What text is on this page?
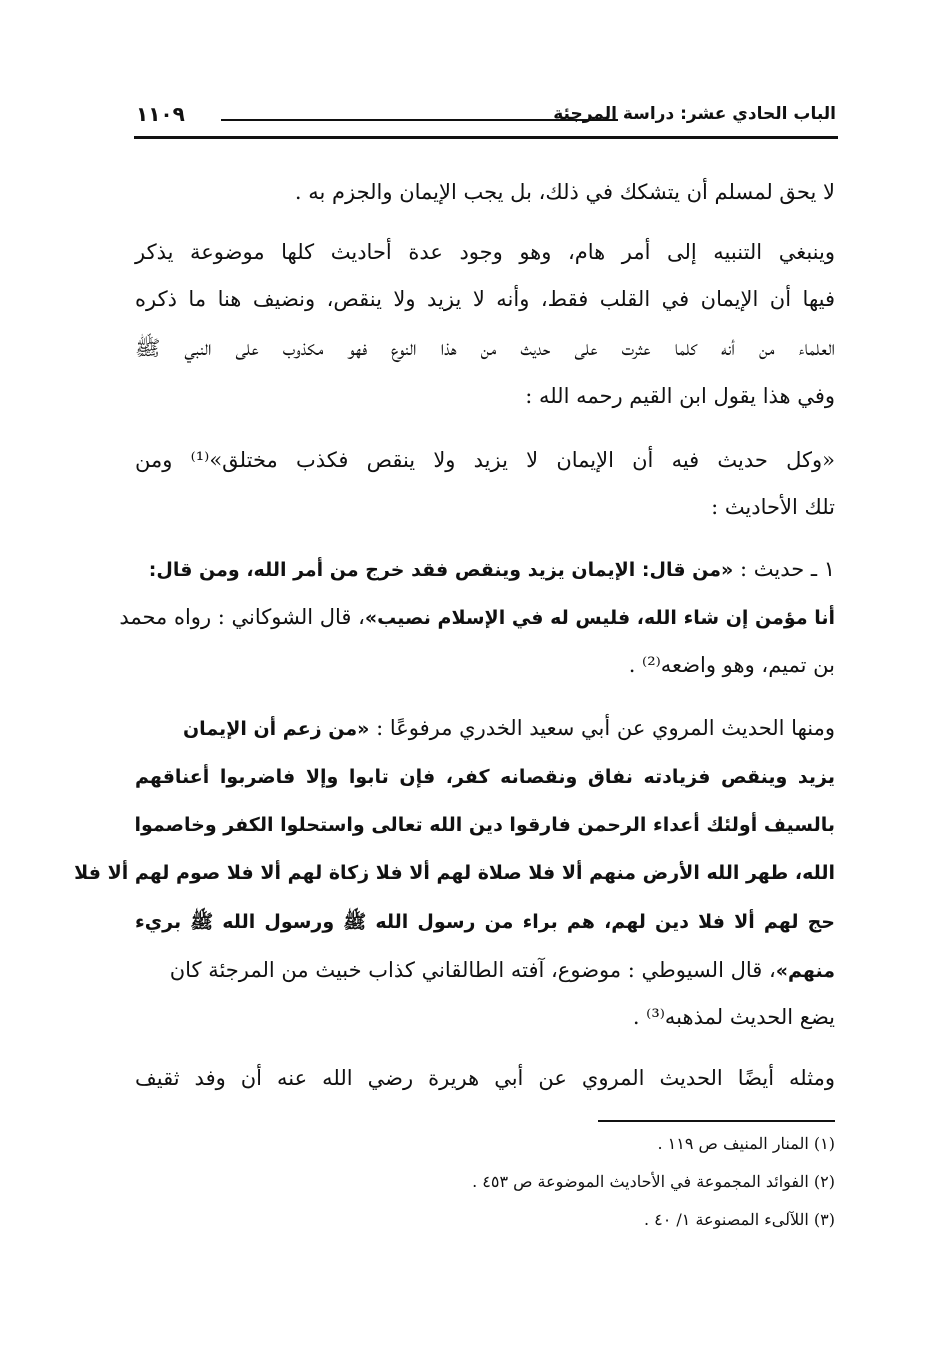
الباب الحادي عشر: دراسة المرجئة
١١٠٩
لا يحق لمسلم أن يتشكك في ذلك، بل يجب الإيمان والجزم به .
وينبغي التنبيه إلى أمر هام، وهو وجود عدة أحاديث كلها موضوعة يذكر
فيها أن الإيمان في القلب فقط، وأنه لا يزيد ولا ينقص، ونضيف هنا ما ذكره
العلماء من أنه كلما عثرت على حديث من هذا النوع فهو مكذوب على النبي ﷺ
وفي هذا يقول ابن القيم رحمه الله :
«وكل حديث فيه أن الإيمان لا يزيد ولا ينقص فكذب مختلق»⁽¹⁾ ومن
تلك الأحاديث :
١ ـ حديث : «من قال: الإيمان يزيد وينقص فقد خرج من أمر الله، ومن قال:
أنا مؤمن إن شاء الله، فليس له في الإسلام نصيب»، قال الشوكاني : رواه محمد
بن تميم، وهو واضعه⁽²⁾ .
ومنها الحديث المروي عن أبي سعيد الخدري مرفوعًا : «من زعم أن الإيمان
يزيد وينقص فزيادته نفاق ونقصانه كفر، فإن تابوا وإلا فاضربوا أعناقهم
بالسيف أولئك أعداء الرحمن فارقوا دين الله تعالى واستحلوا الكفر وخاصموا
الله، طهر الله الأرض منهم ألا فلا صلاة لهم ألا فلا زكاة لهم ألا فلا صوم لهم ألا فلا
حج لهم ألا فلا دين لهم، هم براء من رسول الله ﷺ ورسول الله ﷺ بريء
منهم»، قال السيوطي : موضوع، آفته الطالقاني كذاب خبيث من المرجئة كان
يضع الحديث لمذهبه⁽³⁾ .
ومثله أيضًا الحديث المروي عن أبي هريرة رضي الله عنه أن وفد ثقيف
(١) المنار المنيف ص ١١٩ .
(٢) الفوائد المجموعة في الأحاديث الموضوعة ص ٤٥٣ .
(٣) اللآلىء المصنوعة ١/ ٤٠ .
